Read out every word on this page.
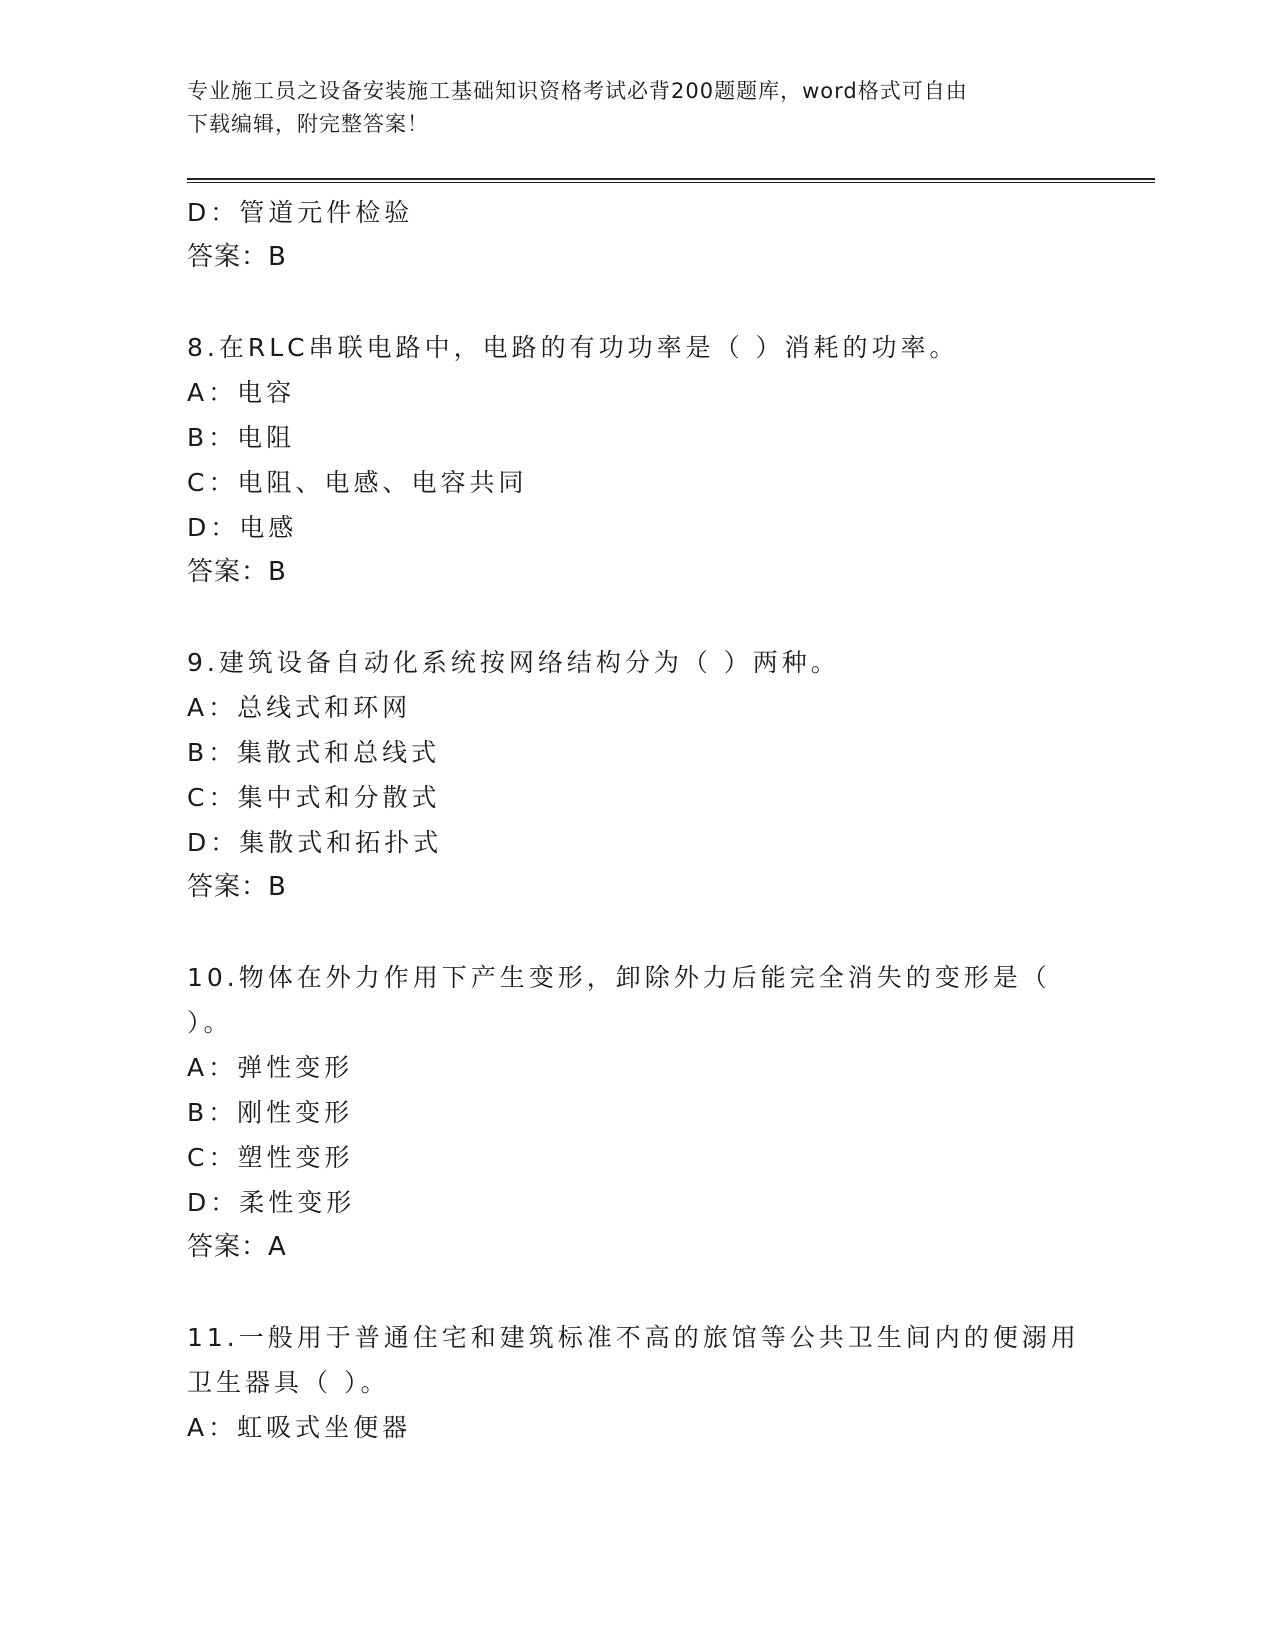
专业施工员之设备安装施工基础知识资格考试必背200题题库，word格式可自由
下载编辑，附完整答案！
D：管道元件检验
答案：B
8.在RLC串联电路中，电路的有功功率是（ ）消耗的功率。
A：电容
B：电阻
C：电阻、电感、电容共同
D：电感
答案：B
9.建筑设备自动化系统按网络结构分为（ ）两种。
A：总线式和环网
B：集散式和总线式
C：集中式和分散式
D：集散式和拓扑式
答案：B
10.物体在外力作用下产生变形，卸除外力后能完全消失的变形是（
）。
A：弹性变形
B：刚性变形
C：塑性变形
D：柔性变形
答案：A
11.一般用于普通住宅和建筑标准不高的旅馆等公共卫生间内的便溺用
卫生器具（ ）。
A：虹吸式坐便器
